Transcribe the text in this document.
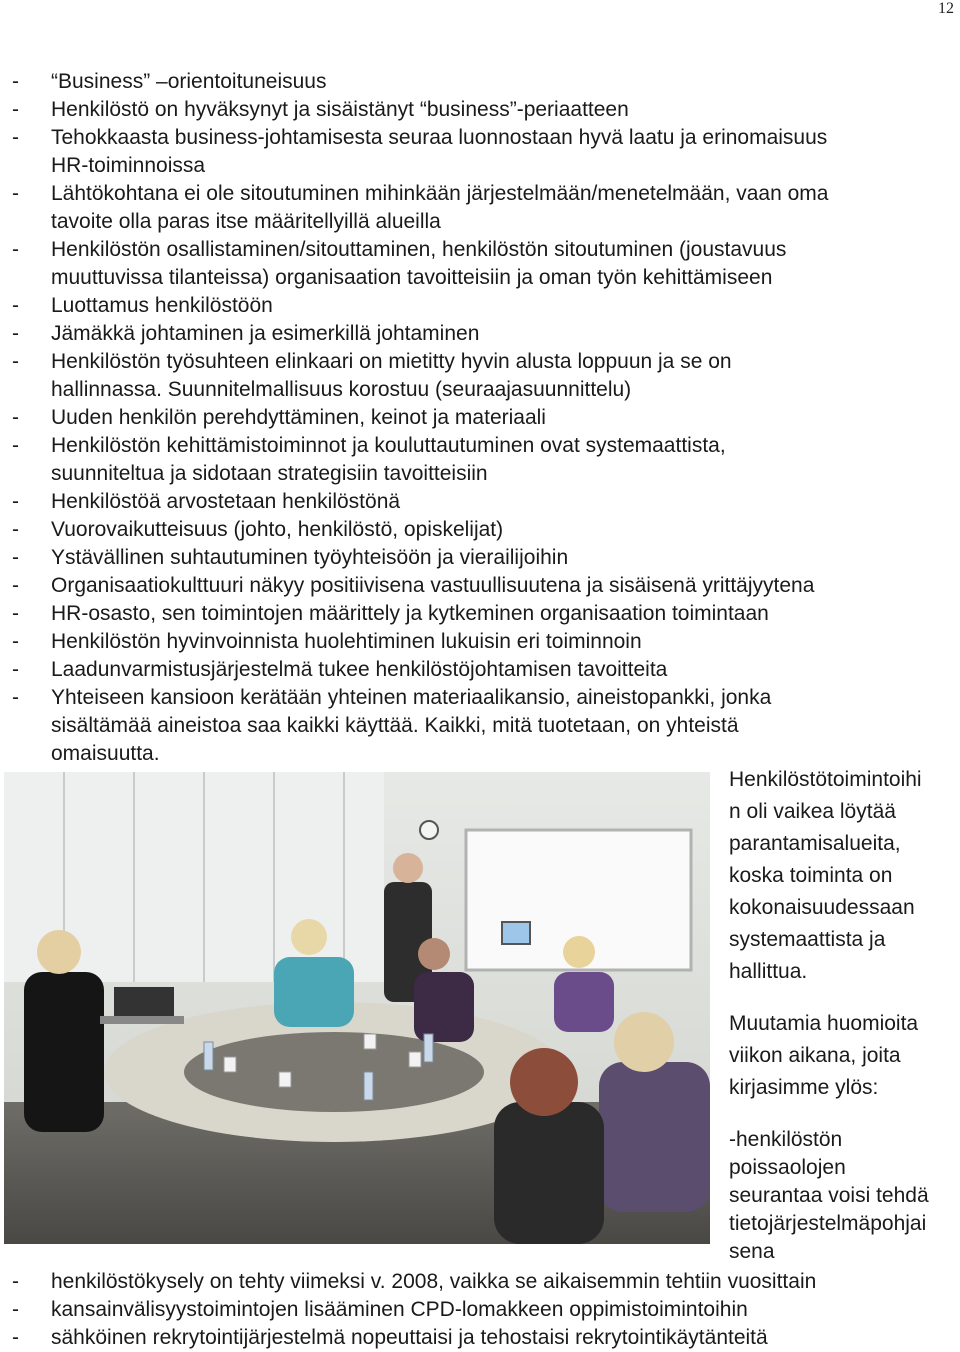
12
- “Business” –orientoituneisuus
- Henkilöstö on hyväksynyt ja sisäistänyt “business”-periaatteen
- Tehokkaasta business-johtamisesta seuraa luonnostaan hyvä laatu ja erinomaisuus
HR-toiminnoissa
- Lähtökohtana ei ole sitoutuminen mihinkään järjestelmään/menetelmään, vaan oma
tavoite olla paras itse määritellyillä alueilla
- Henkilöstön osallistaminen/sitouttaminen, henkilöstön sitoutuminen (joustavuus
muuttuvissa tilanteissa) organisaation tavoitteisiin ja oman työn kehittämiseen
- Luottamus henkilöstöön
- Jämäkkä johtaminen ja esimerkillä johtaminen
- Henkilöstön työsuhteen elinkaari on mietitty hyvin alusta loppuun ja se on
hallinnassa. Suunnitelmallisuus korostuu (seuraajasuunnittelu)
- Uuden henkilön perehdyttäminen, keinot ja materiaali
- Henkilöstön kehittämistoiminnot ja kouluttautuminen ovat systemaattista,
suunniteltua ja sidotaan strategisiin tavoitteisiin
- Henkilöstöä arvostetaan henkilöstönä
- Vuorovaikutteisuus (johto, henkilöstö, opiskelijat)
- Ystävällinen suhtautuminen työyhteisöön ja vierailijoihin
- Organisaatiokulttuuri näkyy positiivisena vastuullisuutena ja sisäisenä yrittäjyytena
- HR-osasto, sen toimintojen määrittely ja kytkeminen organisaation toimintaan
- Henkilöstön hyvinvoinnista huolehtiminen lukuisin eri toiminnoin
- Laadunvarmistusjärjestelmä tukee henkilöstöjohtamisen tavoitteita
- Yhteiseen kansioon kerätään yhteinen materiaalikansio, aineistopankki, jonka
sisältämää aineistoa saa kaikki käyttää. Kaikki, mitä tuotetaan, on yhteistä
omaisuutta.
Henkilöstötoimintoihi
n oli vaikea löytää
parantamisalueita,
koska toiminta on
kokonaisuudessaan
systemaattista ja
hallittua.
Muutamia huomioita
viikon aikana, joita
kirjasimme ylös:
-henkilöstön
poissaolojen
seurantaa voisi tehdä
tietojärjestelmäpohjai
sena
- henkilöstökysely on tehty viimeksi v. 2008, vaikka se aikaisemmin tehtiin vuosittain
- kansainvälisyystoimintojen lisääminen CPD-lomakkeen oppimistoimintoihin
- sähköinen rekrytointijärjestelmä nopeuttaisi ja tehostaisi rekrytointikäytänteitä
